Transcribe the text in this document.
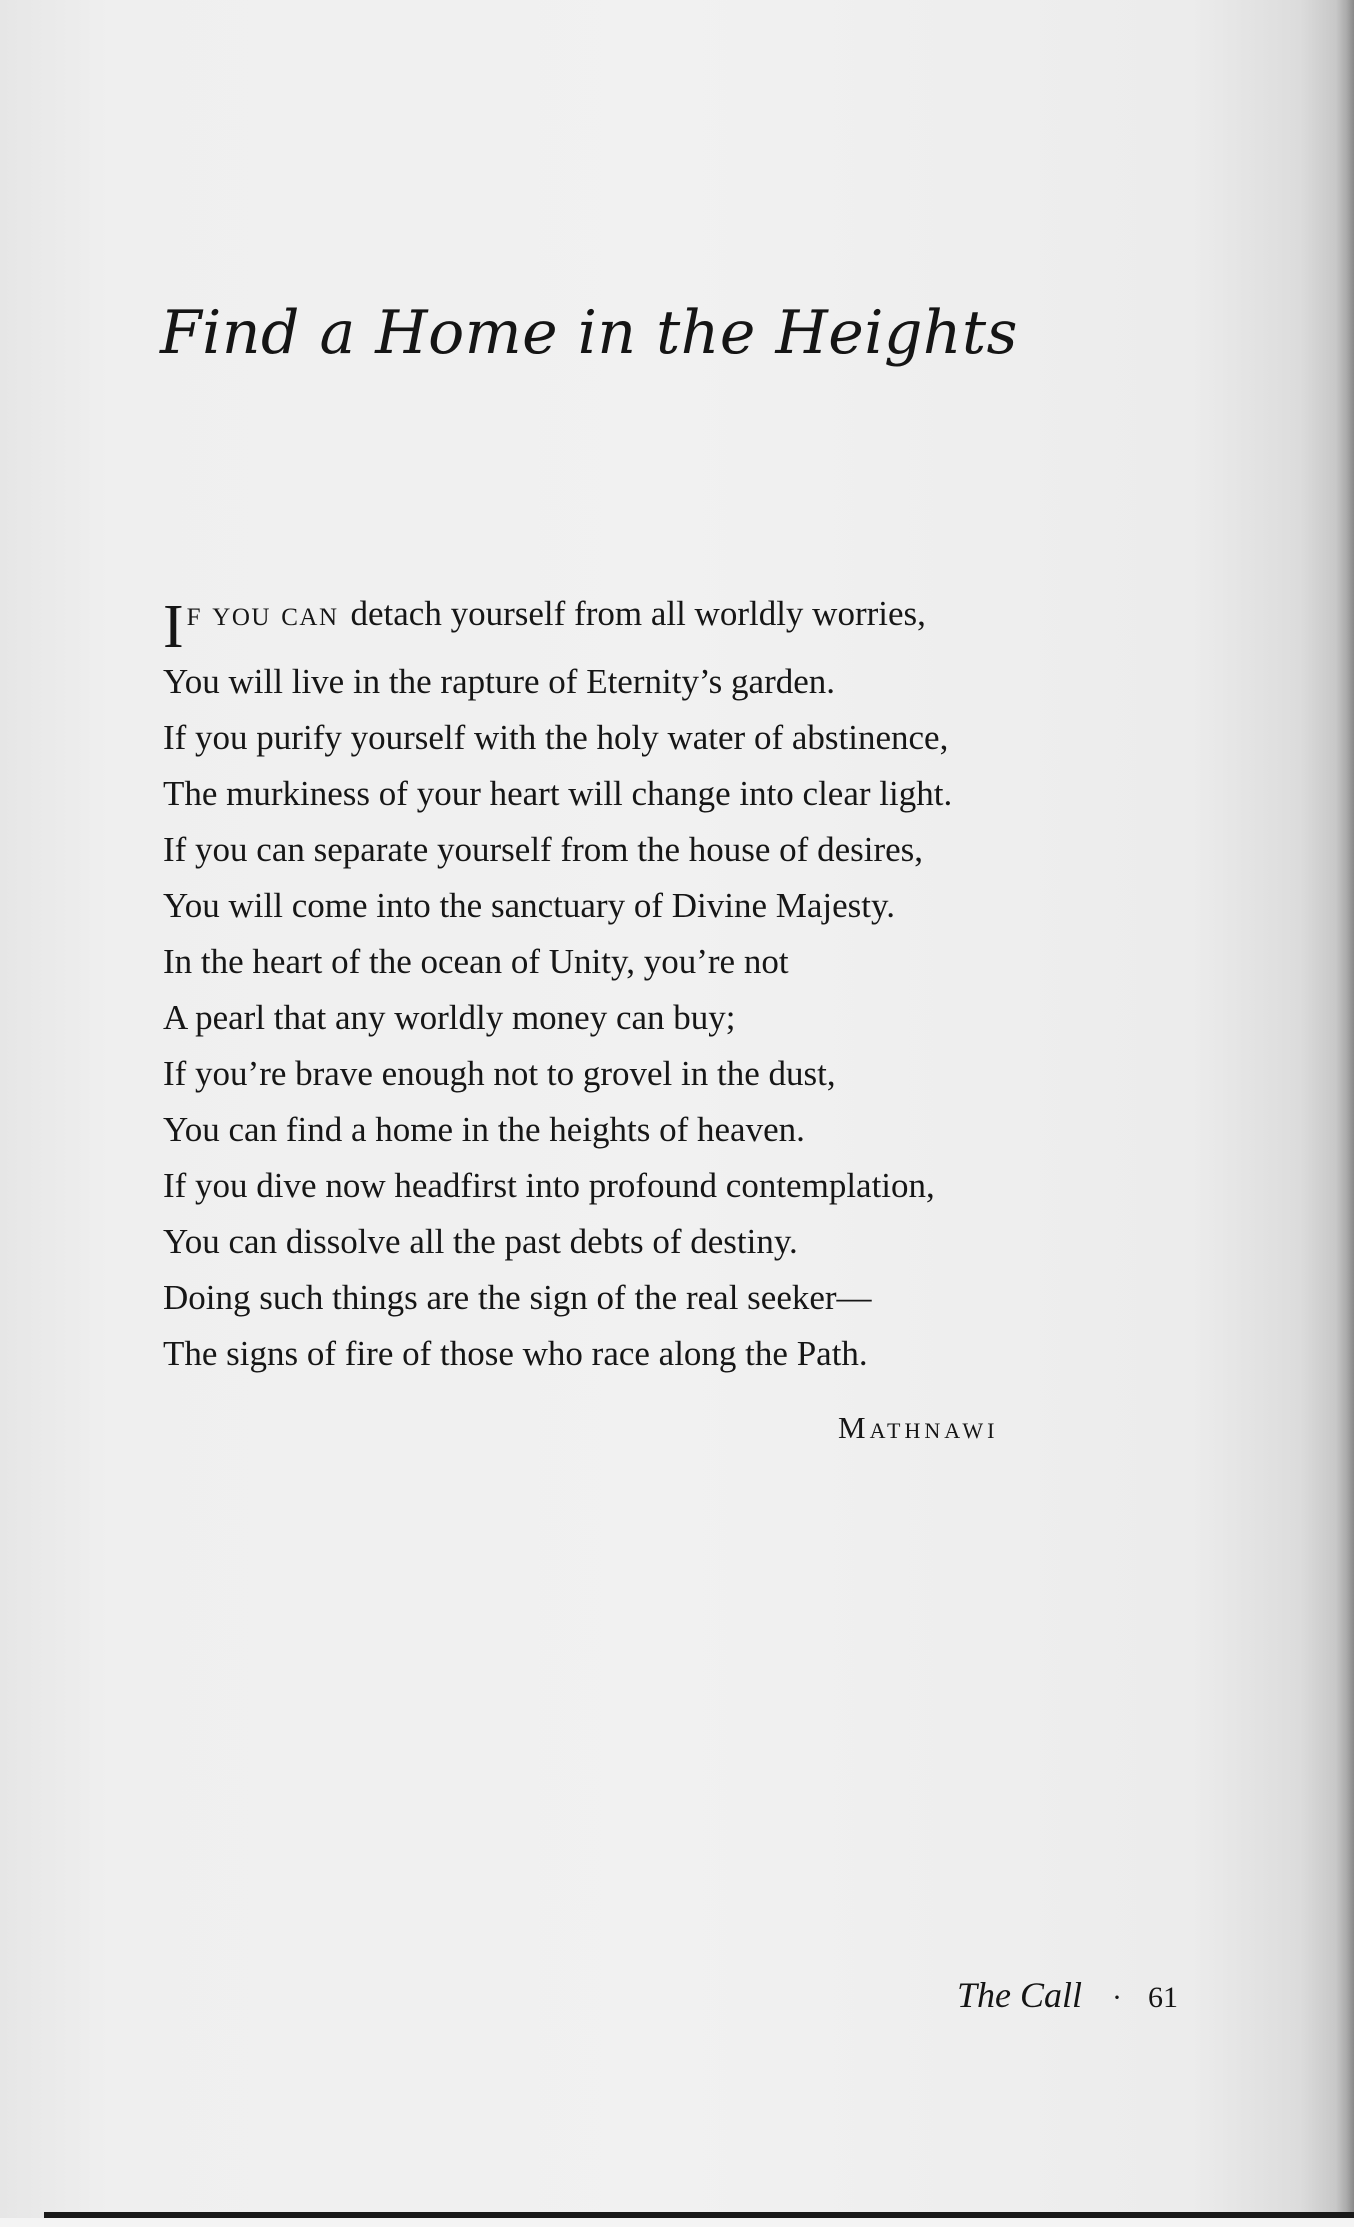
Find a Home in the Heights
I f you can detach yourself from all worldly worries,
You will live in the rapture of Eternity’s garden.
If you purify yourself with the holy water of abstinence,
The murkiness of your heart will change into clear light.
If you can separate yourself from the house of desires,
You will come into the sanctuary of Divine Majesty.
In the heart of the ocean of Unity, you’re not
A pearl that any worldly money can buy;
If you’re brave enough not to grovel in the dust,
You can find a home in the heights of heaven.
If you dive now headfirst into profound contemplation,
You can dissolve all the past debts of destiny.
Doing such things are the sign of the real seeker—
The signs of fire of those who race along the Path.
Mathnawi
The Call · 61
